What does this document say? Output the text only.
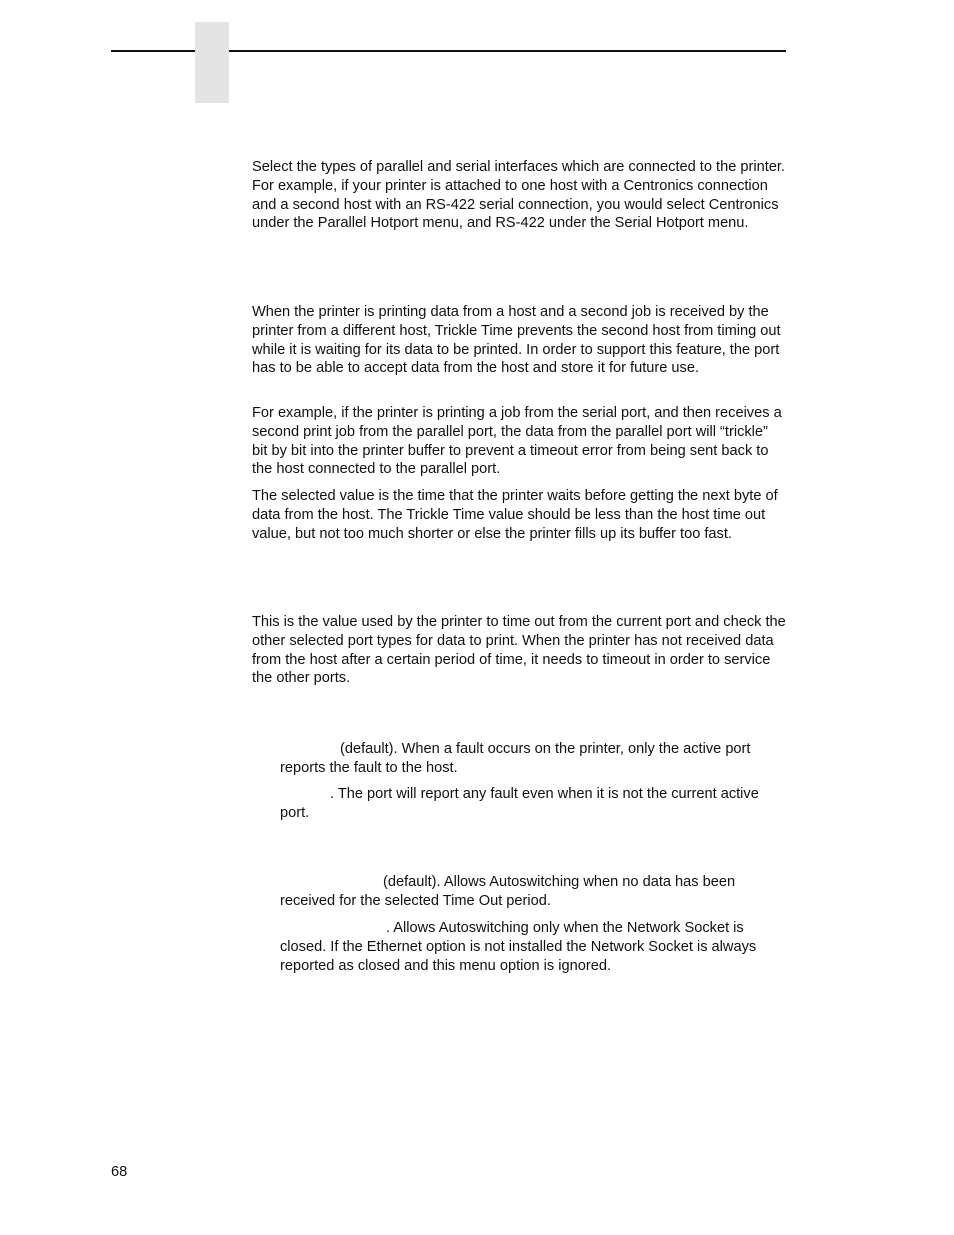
Select the types of parallel and serial interfaces which are connected to the printer. For example, if your printer is attached to one host with a Centronics connection and a second host with an RS-422 serial connection, you would select Centronics under the Parallel Hotport menu, and RS-422 under the Serial Hotport menu.

When the printer is printing data from a host and a second job is received by the printer from a different host, Trickle Time prevents the second host from timing out while it is waiting for its data to be printed. In order to support this feature, the port has to be able to accept data from the host and store it for future use.

For example, if the printer is printing a job from the serial port, and then receives a second print job from the parallel port, the data from the parallel port will “trickle” bit by bit into the printer buffer to prevent a timeout error from being sent back to the host connected to the parallel port.

The selected value is the time that the printer waits before getting the next byte of data from the host. The Trickle Time value should be less than the host time out value, but not too much shorter or else the printer fills up its buffer too fast.

This is the value used by the printer to time out from the current port and check the other selected port types for data to print. When the printer has not received data from the host after a certain period of time, it needs to timeout in order to service the other ports.

(default). When a fault occurs on the printer, only the active port reports the fault to the host.

. The port will report any fault even when it is not the current active port.

(default). Allows Autoswitching when no data has been received for the selected Time Out period.

. Allows Autoswitching only when the Network Socket is closed. If the Ethernet option is not installed the Network Socket is always reported as closed and this menu option is ignored.

68
